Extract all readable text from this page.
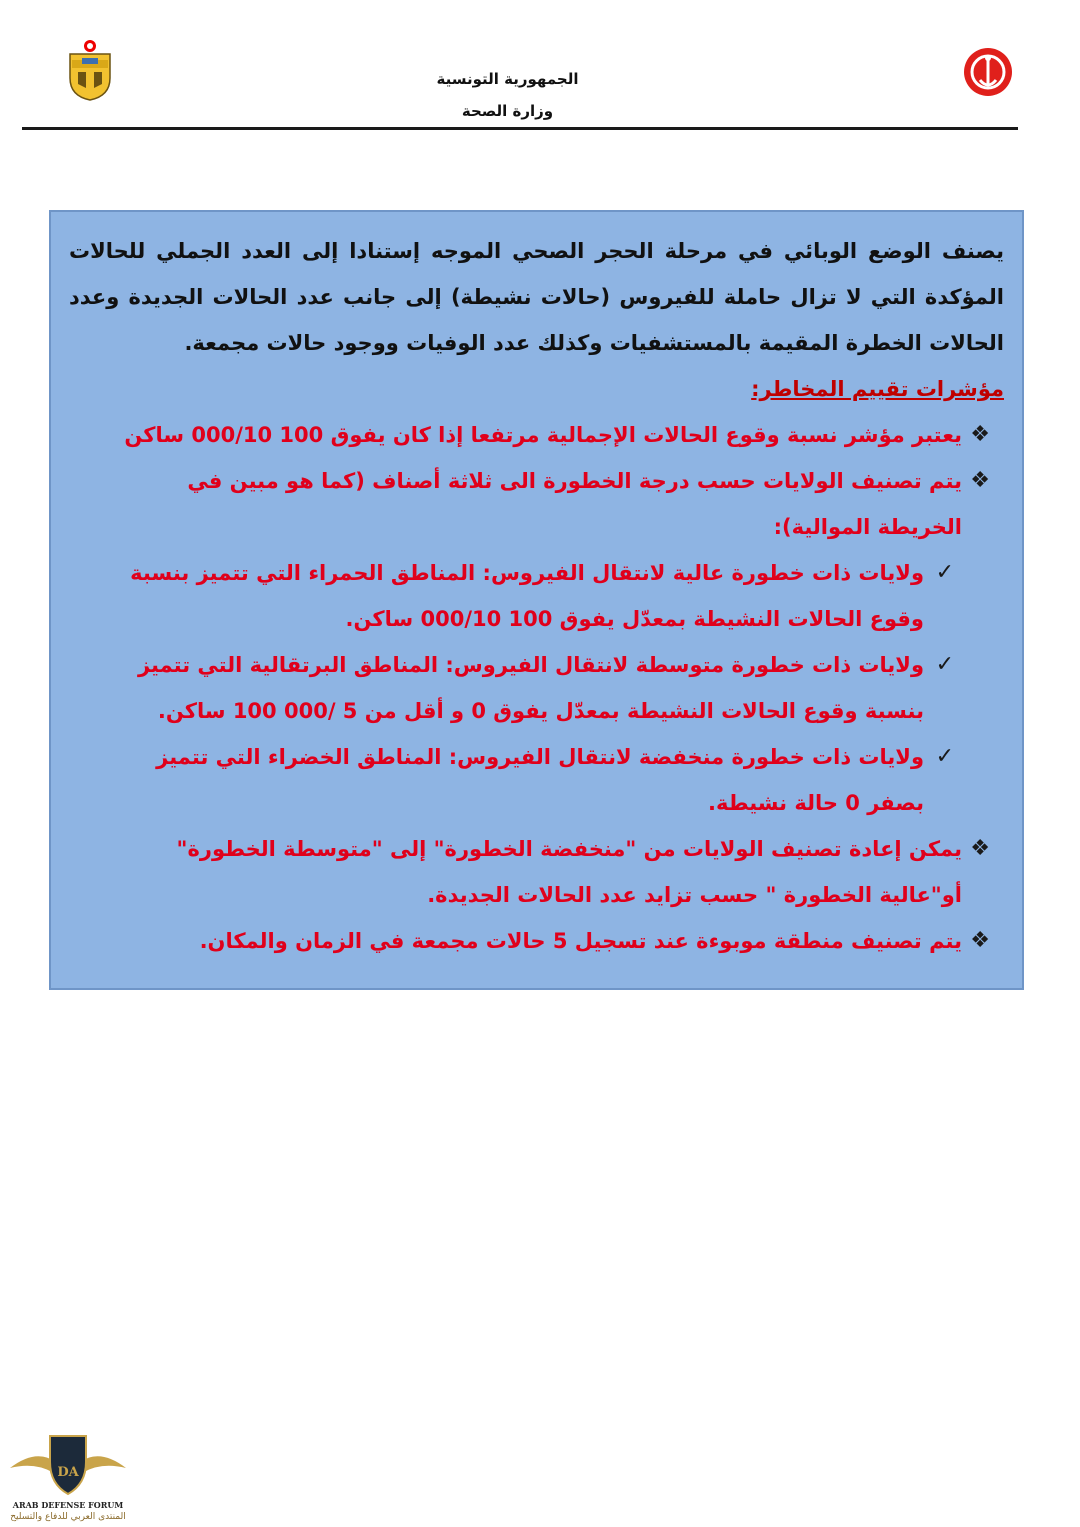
الجمهورية التونسية
وزارة الصحة

يصنف الوضع الوبائي في مرحلة الحجر الصحي الموجه إستنادا إلى العدد الجملي للحالات المؤكدة التي لا تزال حاملة للفيروس (حالات نشيطة) إلى جانب عدد الحالات الجديدة وعدد الحالات الخطرة المقيمة بالمستشفيات وكذلك عدد الوفيات ووجود حالات مجمعة.

مؤشرات تقييم المخاطر:
❖
يعتبر مؤشر نسبة وقوع الحالات الإجمالية مرتفعا إذا كان يفوق 100 000/10 ساكن
❖
يتم تصنيف الولايات حسب درجة الخطورة الى ثلاثة أصناف (كما هو مبين في الخريطة الموالية):
✓
ولايات ذات خطورة عالية لانتقال الفيروس: المناطق الحمراء التي تتميز بنسبة وقوع الحالات النشيطة بمعدّل يفوق 100 000/10 ساكن.
✓
ولايات ذات خطورة متوسطة لانتقال الفيروس: المناطق البرتقالية التي تتميز بنسبة وقوع الحالات النشيطة بمعدّل يفوق 0 و أقل من 5 /000 100 ساكن.
✓
ولايات ذات خطورة منخفضة لانتقال الفيروس: المناطق الخضراء التي تتميز بصفر 0 حالة نشيطة.
❖
يمكن إعادة تصنيف الولايات من "منخفضة الخطورة" إلى "متوسطة الخطورة" أو"عالية الخطورة " حسب تزايد عدد الحالات الجديدة.
❖
يتم تصنيف منطقة موبوءة عند تسجيل 5 حالات مجمعة في الزمان والمكان.
DA
ARAB DEFENSE FORUM
المنتدى العربي للدفاع والتسليح
